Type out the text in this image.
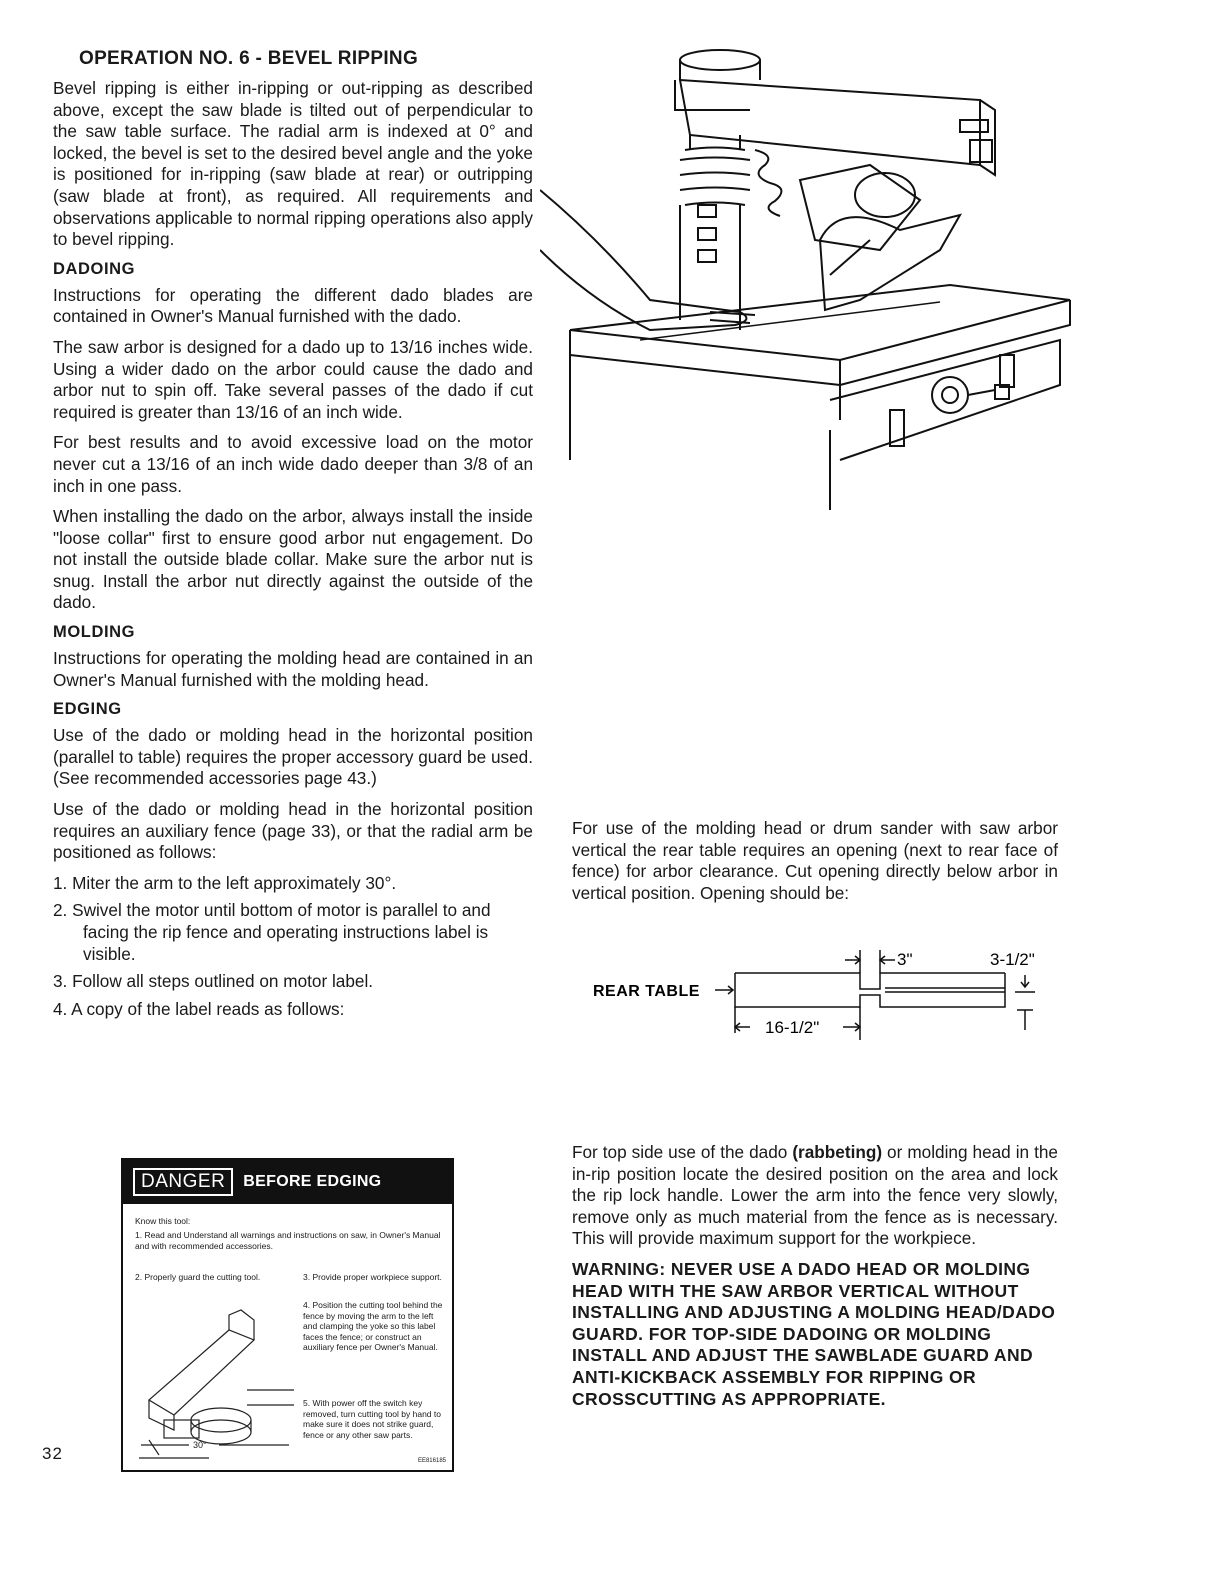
OPERATION NO. 6 - BEVEL RIPPING

Bevel ripping is either in-ripping or out-ripping as described above, except the saw blade is tilted out of perpendicular to the saw table surface. The radial arm is indexed at 0° and locked, the bevel is set to the desired bevel angle and the yoke is positioned for in-ripping (saw blade at rear) or outripping (saw blade at front), as required. All requirements and observations applicable to normal ripping operations also apply to bevel ripping.

DADOING

Instructions for operating the different dado blades are contained in Owner's Manual furnished with the dado.

The saw arbor is designed for a dado up to 13/16 inches wide. Using a wider dado on the arbor could cause the dado and arbor nut to spin off. Take several passes of the dado if cut required is greater than 13/16 of an inch wide.

For best results and to avoid excessive load on the motor never cut a 13/16 of an inch wide dado deeper than 3/8 of an inch in one pass.

When installing the dado on the arbor, always install the inside "loose collar" first to ensure good arbor nut engagement. Do not install the outside blade collar. Make sure the arbor nut is snug. Install the arbor nut directly against the outside of the dado.

MOLDING

Instructions for operating the molding head are contained in an Owner's Manual furnished with the molding head.

EDGING

Use of the dado or molding head in the horizontal position (parallel to table) requires the proper accessory guard be used. (See recommended accessories page 43.)

Use of the dado or molding head in the horizontal position requires an auxiliary fence (page 33), or that the radial arm be positioned as follows:

1. Miter the arm to the left approximately 30°.
2. Swivel the motor until bottom of motor is parallel to and facing the rip fence and operating instructions label is visible.
3. Follow all steps outlined on motor label.
4. A copy of the label reads as follows:
DANGER	BEFORE EDGING
Know this tool:
1. Read and Understand all warnings and instructions on saw, in Owner's Manual and with recommended accessories.
2. Properly guard the cutting tool.	3. Provide proper workpiece support.
4. Position the cutting tool behind the fence by moving the arm to the left and clamping the yoke so this label faces the fence; or construct an auxiliary fence per Owner's Manual.
5. With power off the switch key removed, turn cutting tool by hand to make sure it does not strike guard, fence or any other saw parts.
EE816185
30°
32

For use of the molding head or drum sander with saw arbor vertical the rear table requires an opening (next to rear face of fence) for arbor clearance. Cut opening directly below arbor in vertical position. Opening should be:

REAR TABLE
3"	3-1/2"
16-1/2"

For top side use of the dado (rabbeting) or molding head in the in-rip position locate the desired position on the area and lock the rip lock handle. Lower the arm into the fence very slowly, remove only as much material from the fence as is necessary. This will provide maximum support for the workpiece.

WARNING: NEVER USE A DADO HEAD OR MOLDING HEAD WITH THE SAW ARBOR VERTICAL WITHOUT INSTALLING AND ADJUSTING A MOLDING HEAD/DADO GUARD. FOR TOP-SIDE DADOING OR MOLDING INSTALL AND ADJUST THE SAWBLADE GUARD AND ANTI-KICKBACK ASSEMBLY FOR RIPPING OR CROSSCUTTING AS APPROPRIATE.
